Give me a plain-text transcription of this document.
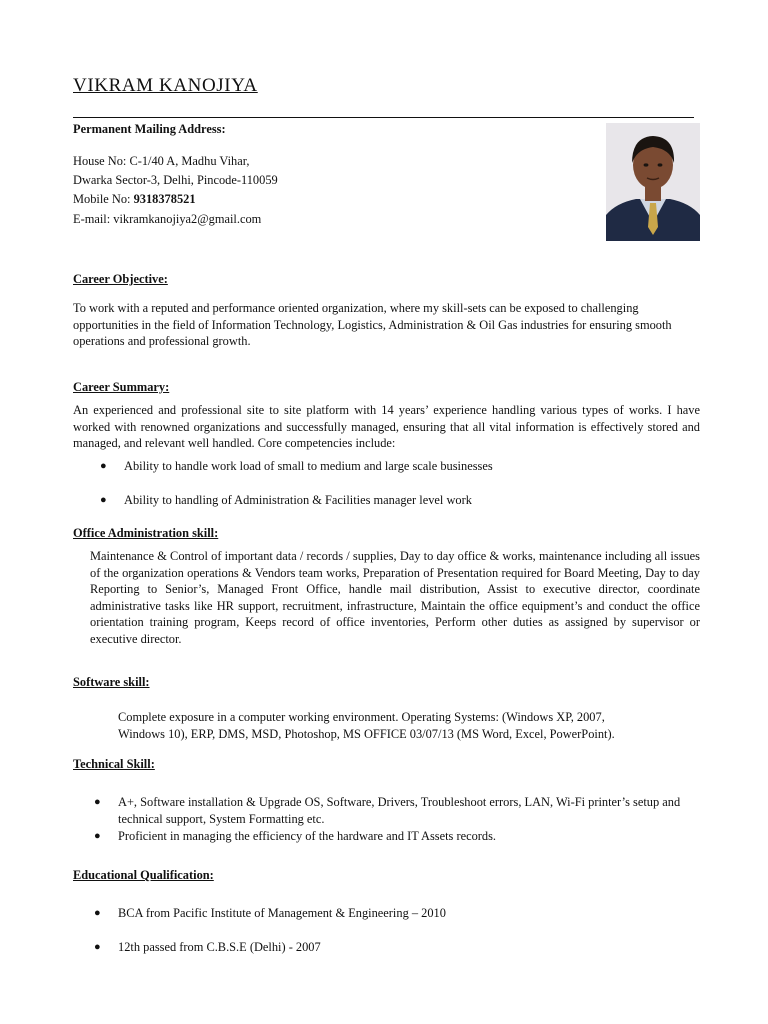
VIKRAM KANOJIYA
Permanent Mailing Address:
House No: C-1/40 A, Madhu Vihar,
Dwarka Sector-3, Delhi, Pincode-110059
Mobile No: 9318378521
E-mail: vikramkanojiya2@gmail.com
Career Objective:
To work with a reputed and performance oriented organization, where my skill-sets can be exposed to challenging opportunities in the field of Information Technology, Logistics, Administration & Oil Gas industries for ensuring smooth operations and professional growth.
Career Summary:
An experienced and professional site to site platform with 14 years’ experience handling various types of works. I have worked with renowned organizations and successfully managed, ensuring that all vital information is effectively stored and managed, and relevant well handled. Core competencies include:
● Ability to handle work load of small to medium and large scale businesses
● Ability to handling of Administration & Facilities manager level work
Office Administration skill:
Maintenance & Control of important data / records / supplies, Day to day office & works, maintenance including all issues of the organization operations & Vendors team works, Preparation of Presentation required for Board Meeting, Day to day Reporting to Senior’s, Managed Front Office, handle mail distribution, Assist to executive director, coordinate administrative tasks like HR support, recruitment, infrastructure, Maintain the office equipment’s and conduct the office orientation training program, Keeps record of office inventories, Perform other duties as assigned by supervisor or executive director.
Software skill:
Complete exposure in a computer working environment. Operating Systems: (Windows XP, 2007,
Windows 10), ERP, DMS, MSD, Photoshop, MS OFFICE 03/07/13 (MS Word, Excel, PowerPoint).
Technical Skill:
● A+, Software installation & Upgrade OS, Software, Drivers, Troubleshoot errors, LAN, Wi-Fi printer’s setup and technical support, System Formatting etc.
● Proficient in managing the efficiency of the hardware and IT Assets records.
Educational Qualification:
● BCA from Pacific Institute of Management & Engineering – 2010
● 12th passed from C.B.S.E (Delhi) - 2007
